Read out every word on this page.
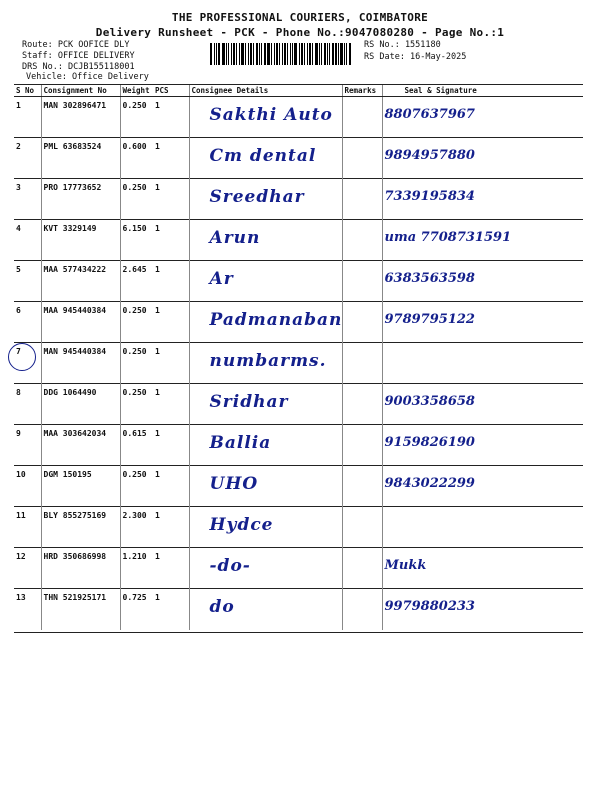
THE PROFESSIONAL COURIERS, COIMBATORE
Delivery Runsheet - PCK - Phone No.:9047080280 - Page No.:1
Route: PCK OOFICE DLY
Staff: OFFICE DELIVERY
DRS No.: DCJB155118001
Vehicle: Office Delivery
RS No.: 1551180
RS Date: 16-May-2025
S No	Consignment No	Weight	PCS	Consignee Details	Remarks	Seal & Signature
1	MAN 302896471	0.250	1	Sakthi Auto		8807637967
2	PML 63683524	0.600	1	Cm dental		9894957880
3	PRO 17773652	0.250	1	Sreedhar		7339195834
4	KVT 3329149	6.150	1	Arun		uma 7708731591
5	MAA 577434222	2.645	1	Ar		6383563598
6	MAA 945440384	0.250	1	Padmanaban		9789795122
7	MAN 945440384	0.250	1	numbarms.		
8	DDG 1064490	0.250	1	Sridhar		9003358658
9	MAA 303642034	0.615	1	Ballia		9159826190
10	DGM 150195	0.250	1	UHO		9843022299
11	BLY 855275169	2.300	1	Hydce		
12	HRD 350686998	1.210	1	-do-		Mukk
13	THN 521925171	0.725	1	do		9979880233
